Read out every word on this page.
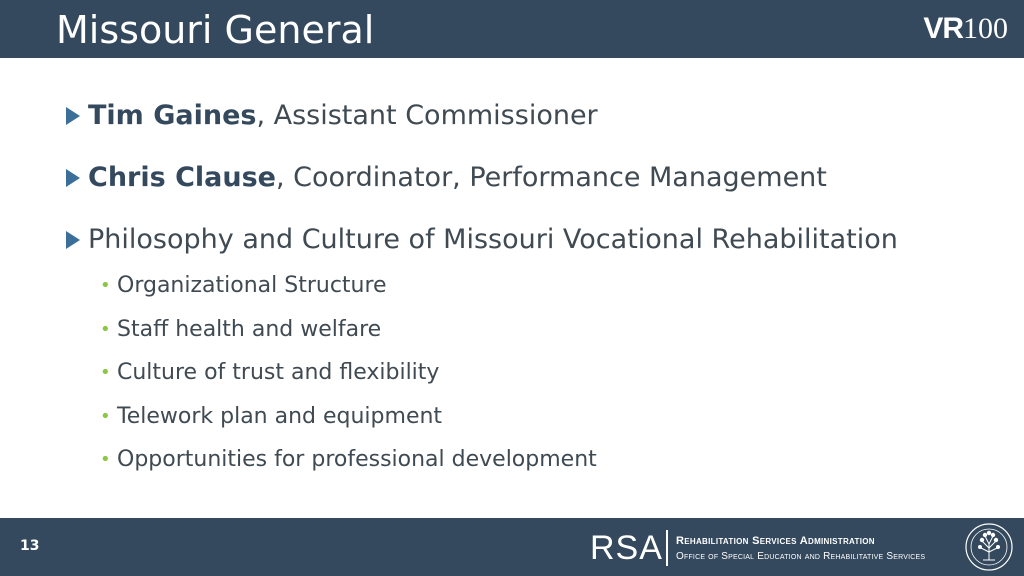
Missouri General	VR 100
Tim Gaines, Assistant Commissioner
Chris Clause, Coordinator, Performance Management
Philosophy and Culture of Missouri Vocational Rehabilitation
• Organizational Structure
• Staff health and welfare
• Culture of trust and flexibility
• Telework plan and equipment
• Opportunities for professional development
13	RSA Rehabilitation Services Administration
Office of Special Education and Rehabilitative Services
